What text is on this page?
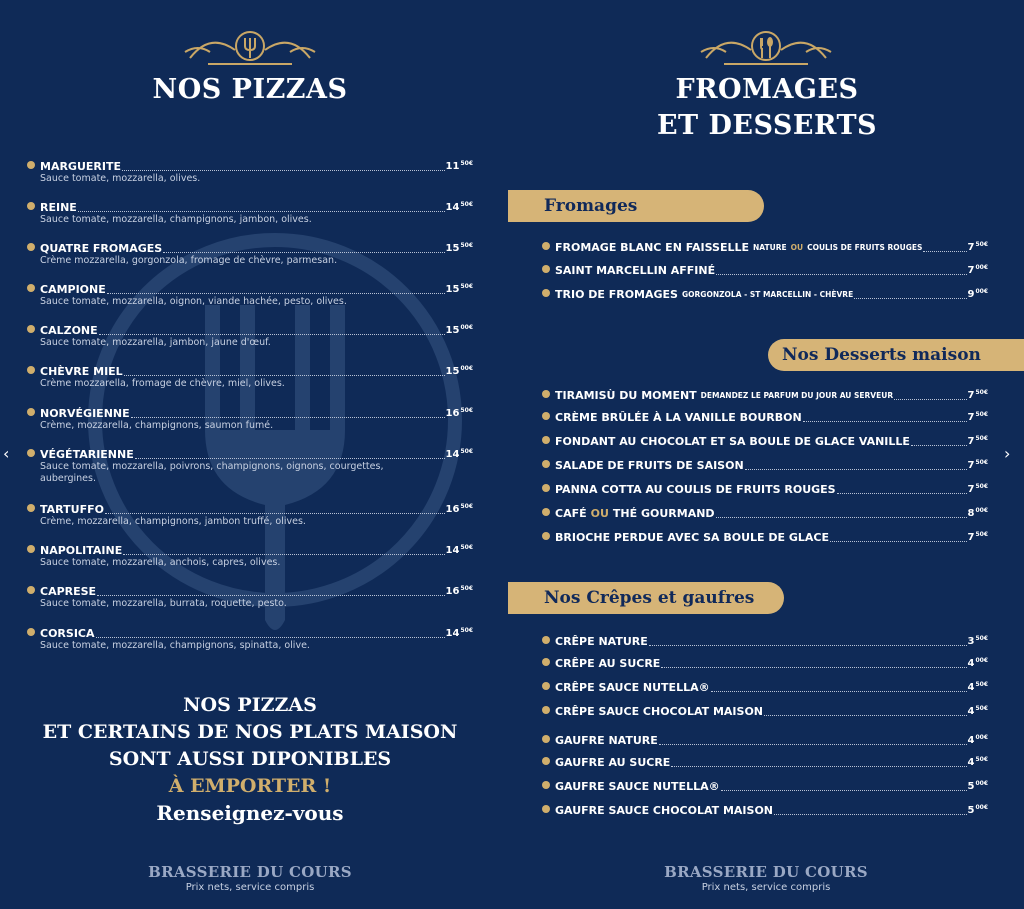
NOS PIZZAS
MARGUERITE	$11^{50€}$
Sauce tomate, mozzarella, olives.
REINE	$14^{50€}$
Sauce tomate, mozzarella, champignons, jambon, olives.
QUATRE FROMAGES	$15^{50€}$
Crème mozzarella, gorgonzola, fromage de chèvre, parmesan.
CAMPIONE	$15^{50€}$
Sauce tomate, mozzarella, oignon, viande hachée, pesto, olives.
CALZONE	$15^{00€}$
Sauce tomate, mozzarella, jambon, jaune d'œuf.
CHÈVRE MIEL	$15^{00€}$
Crème mozzarella, fromage de chèvre, miel, olives.
NORVÉGIENNE	$16^{50€}$
Crème, mozzarella, champignons, saumon fumé.
VÉGÉTARIENNE	$14^{50€}$
Sauce tomate, mozzarella, poivrons, champignons, oignons, courgettes, aubergines.
TARTUFFO	$16^{50€}$
Crème, mozzarella, champignons, jambon truffé, olives.
NAPOLITAINE	$14^{50€}$
Sauce tomate, mozzarella, anchois, capres, olives.
CAPRESE	$16^{50€}$
Sauce tomate, mozzarella, burrata, roquette, pesto.
CORSICA	$14^{50€}$
Sauce tomate, mozzarella, champignons, spinatta, olive.
NOS PIZZAS
ET CERTAINS DE NOS PLATS MAISON
SONT AUSSI DIPONIBLES
À EMPORTER !
Renseignez-vous
BRASSERIE DU COURS
Prix nets, service compris
FROMAGES
ET DESSERTS
Fromages
FROMAGE BLANC EN FAISSELLE NATURE OU COULIS DE FRUITS ROUGES	$7^{50€}$
SAINT MARCELLIN AFFINÉ	$7^{00€}$
TRIO DE FROMAGES GORGONZOLA - ST MARCELLIN - CHÈVRE	$9^{00€}$
Nos Desserts maison
TIRAMISÙ DU MOMENT DEMANDEZ LE PARFUM DU JOUR AU SERVEUR	$7^{50€}$
CRÈME BRÛLÉE À LA VANILLE BOURBON	$7^{50€}$
FONDANT AU CHOCOLAT ET SA BOULE DE GLACE VANILLE	$7^{50€}$
SALADE DE FRUITS DE SAISON	$7^{50€}$
PANNA COTTA AU COULIS DE FRUITS ROUGES	$7^{50€}$
CAFÉ OU THÉ GOURMAND	$8^{00€}$
BRIOCHE PERDUE AVEC SA BOULE DE GLACE	$7^{50€}$
Nos Crêpes et gaufres
CRÊPE NATURE	$3^{50€}$
CRÊPE AU SUCRE	$4^{00€}$
CRÊPE SAUCE NUTELLA®	$4^{50€}$
CRÊPE SAUCE CHOCOLAT MAISON	$4^{50€}$
GAUFRE NATURE	$4^{00€}$
GAUFRE AU SUCRE	$4^{50€}$
GAUFRE SAUCE NUTELLA®	$5^{00€}$
GAUFRE SAUCE CHOCOLAT MAISON	$5^{00€}$
BRASSERIE DU COURS
Prix nets, service compris
‹	›
